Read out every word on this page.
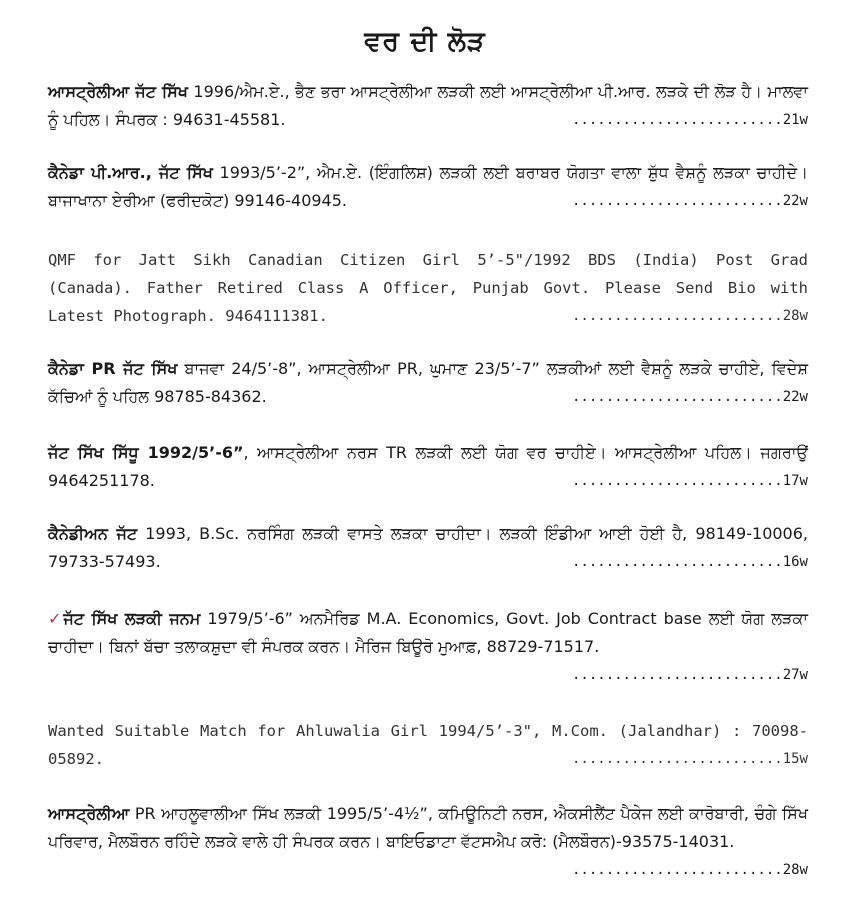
ਵਰ ਦੀ ਲੋੜ
ਆਸਟ੍ਰੇਲੀਆ ਜੱਟ ਸਿੱਖ 1996/ਐਮ.ਏ., ਭੈਣ ਭਰਾ ਆਸਟ੍ਰੇਲੀਆ ਲੜਕੀ ਲਈ ਆਸਟ੍ਰੇਲੀਆ ਪੀ.ਆਰ. ਲੜਕੇ ਦੀ ਲੋੜ ਹੈ। ਮਾਲਵਾ ਨੂੰ ਪਹਿਲ। ਸੰਪਰਕ : 94631-45581.	.........................21w
ਕੈਨੇਡਾ ਪੀ.ਆਰ., ਜੱਟ ਸਿੱਖ 1993/5’-2”, ਐਮ.ਏ. (ਇੰਗਲਿਸ਼) ਲੜਕੀ ਲਈ ਬਰਾਬਰ ਯੋਗਤਾ ਵਾਲਾ ਸ਼ੁੱਧ ਵੈਸ਼ਨੂੰ ਲੜਕਾ ਚਾਹੀਦੇ। ਬਾਜਾਖਾਨਾ ਏਰੀਆ (ਫਰੀਦਕੋਟ) 99146-40945.	.........................22w
QMF for Jatt Sikh Canadian Citizen Girl 5’-5"/1992 BDS (India) Post Grad (Canada). Father Retired Class A Officer, Punjab Govt. Please Send Bio with Latest Photograph. 9464111381.	.........................28w
ਕੈਨੇਡਾ PR ਜੱਟ ਸਿੱਖ ਬਾਜਵਾ 24/5’-8”, ਆਸਟ੍ਰੇਲੀਆ PR, ਘੁਮਾਣ 23/5’-7” ਲੜਕੀਆਂ ਲਈ ਵੈਸ਼ਨੂੰ ਲੜਕੇ ਚਾਹੀਏ, ਵਿਦੇਸ਼ ਕੱਚਿਆਂ ਨੂੰ ਪਹਿਲ 98785-84362.	.........................22w
ਜੱਟ ਸਿੱਖ ਸਿੱਧੂ 1992/5’-6”, ਆਸਟ੍ਰੇਲੀਆ ਨਰਸ TR ਲੜਕੀ ਲਈ ਯੋਗ ਵਰ ਚਾਹੀਏ। ਆਸਟ੍ਰੇਲੀਆ ਪਹਿਲ। ਜਗਰਾਉਂ 9464251178.	.........................17w
ਕੈਨੇਡੀਅਨ ਜੱਟ 1993, B.Sc. ਨਰਸਿੰਗ ਲੜਕੀ ਵਾਸਤੇ ਲੜਕਾ ਚਾਹੀਦਾ। ਲੜਕੀ ਇੰਡੀਆ ਆਈ ਹੋਈ ਹੈ, 98149-10006, 79733-57493.	.........................16w
✓ਜੱਟ ਸਿੱਖ ਲੜਕੀ ਜਨਮ 1979/5’-6” ਅਨਮੈਰਿਡ M.A. Economics, Govt. Job Contract base ਲਈ ਯੋਗ ਲੜਕਾ ਚਾਹੀਦਾ। ਬਿਨਾਂ ਬੱਚਾ ਤਲਾਕਸ਼ੁਦਾ ਵੀ ਸੰਪਰਕ ਕਰਨ। ਮੈਰਿਜ ਬਿਊਰੋ ਮੁਆਫ਼, 88729-71517.
.........................27w
Wanted Suitable Match for Ahluwalia Girl 1994/5’-3", M.Com. (Jalandhar) : 70098-05892.	.........................15w
ਆਸਟ੍ਰੇਲੀਆ PR ਆਹਲੂਵਾਲੀਆ ਸਿੱਖ ਲੜਕੀ 1995/5’-4½”, ਕਮਿਊਨਿਟੀ ਨਰਸ, ਐਕਸੀਲੈਂਟ ਪੈਕੇਜ ਲਈ ਕਾਰੋਬਾਰੀ, ਚੰਗੇ ਸਿੱਖ ਪਰਿਵਾਰ, ਮੈਲਬੌਰਨ ਰਹਿੰਦੇ ਲੜਕੇ ਵਾਲੇ ਹੀ ਸੰਪਰਕ ਕਰਨ। ਬਾਇਓਡਾਟਾ ਵੱਟਸਐਪ ਕਰੋ: (ਮੈਲਬੌਰਨ)-93575-14031.
.........................28w
